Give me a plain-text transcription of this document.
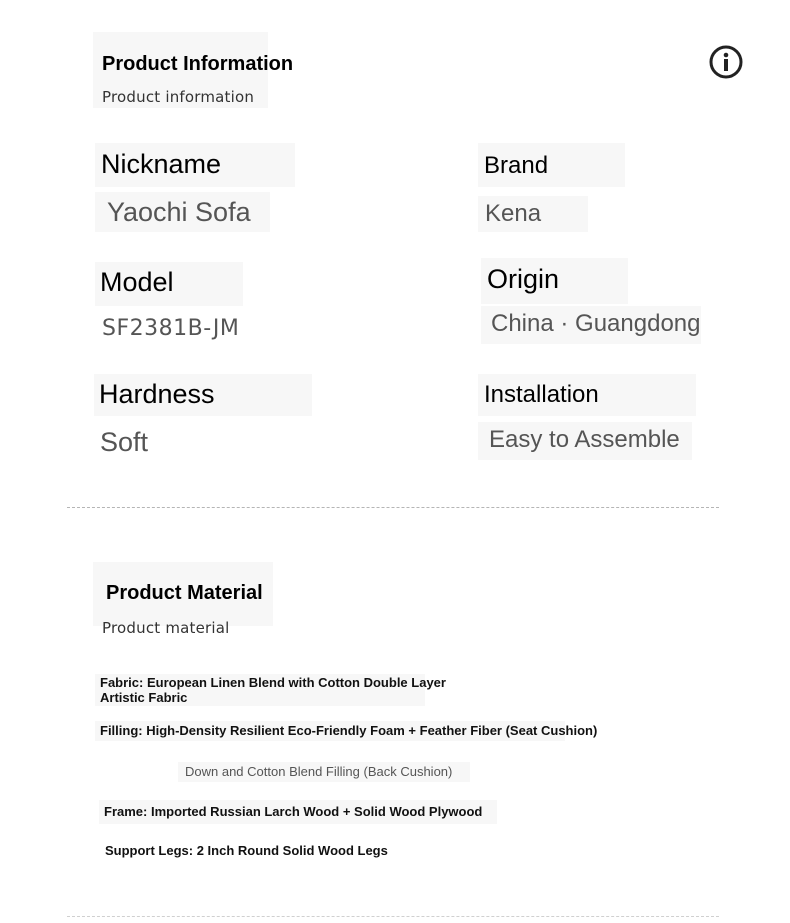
Product Information
Product information
Nickname
Yaochi Sofa
Brand
Kena
Model
SF2381B-JM
Origin
China · Guangdong
Hardness
Soft
Installation
Easy to Assemble
Product Material
Product material
Fabric: European Linen Blend with Cotton Double Layer
Artistic Fabric
Filling: High-Density Resilient Eco-Friendly Foam + Feather Fiber (Seat Cushion)
Down and Cotton Blend Filling (Back Cushion)
Frame: Imported Russian Larch Wood + Solid Wood Plywood
Support Legs: 2 Inch Round Solid Wood Legs
